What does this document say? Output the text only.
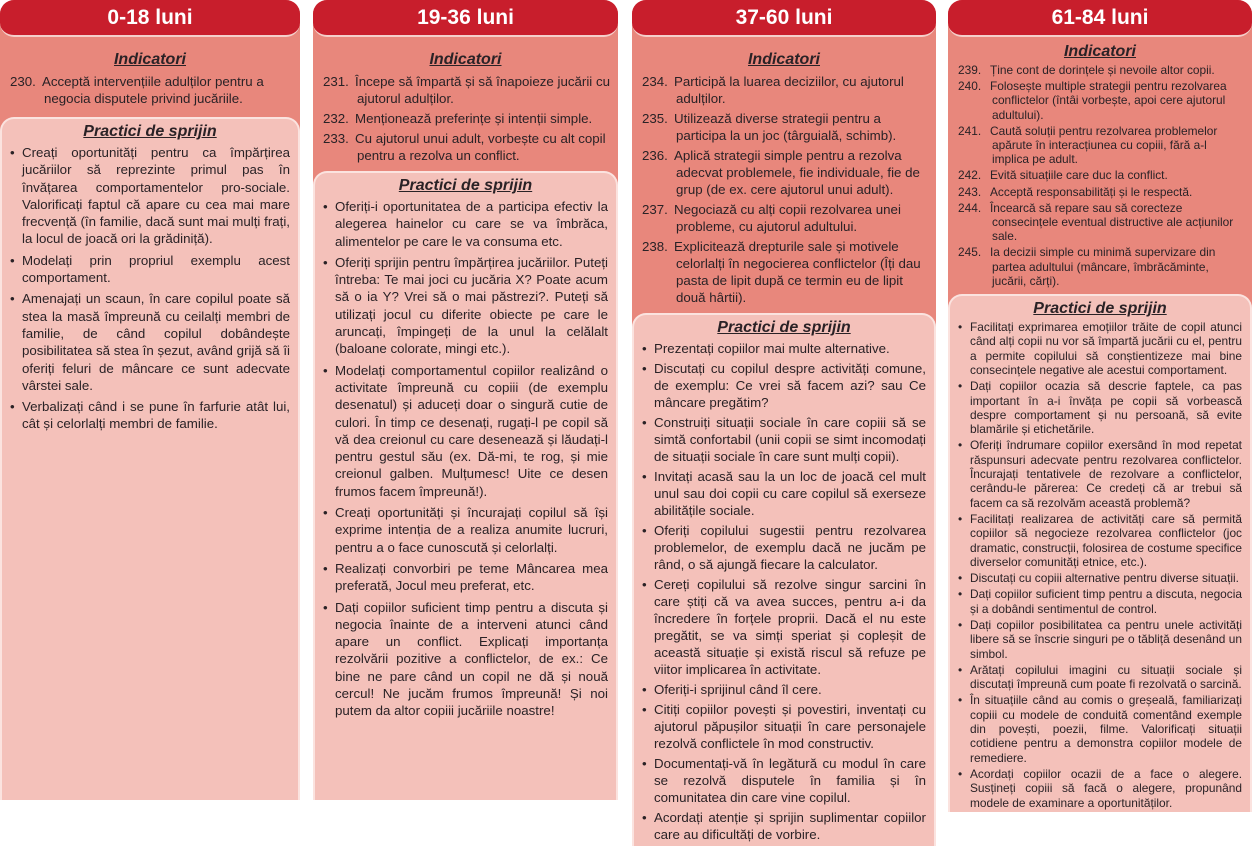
0-18 luni
Indicatori
230. Acceptă intervențiile adulților pentru a negocia disputele privind jucăriile.
Practici de sprijin
• Creați oportunități pentru ca împărțirea jucăriilor să reprezinte primul pas în învățarea comportamentelor pro-sociale. Valorificați faptul că apare cu cea mai mare frecvență (în familie, dacă sunt mai mulți frați, la locul de joacă ori la grădiniță).
• Modelați prin propriul exemplu acest comportament.
• Amenajați un scaun, în care copilul poate să stea la masă împreună cu ceilalți membri de familie, de când copilul dobândește posibilitatea să stea în șezut, având grijă să îi oferiți feluri de mâncare ce sunt adecvate vârstei sale.
• Verbalizați când i se pune în farfurie atât lui, cât și celorlalți membri de familie.
19-36 luni
Indicatori
231. Începe să împartă și să înapoieze jucării cu ajutorul adulților.
232. Menționează preferințe și intenții simple.
233. Cu ajutorul unui adult, vorbește cu alt copil pentru a rezolva un conflict.
Practici de sprijin
• Oferiți-i oportunitatea de a participa efectiv la alegerea hainelor cu care se va îmbrăca, alimentelor pe care le va consuma etc.
• Oferiți sprijin pentru împărțirea jucăriilor. Puteți întreba: Te mai joci cu jucăria X? Poate acum să o ia Y? Vrei să o mai păstrezi?. Puteți să utilizați jocul cu diferite obiecte pe care le aruncați, împingeți de la unul la celălalt (baloane colorate, mingi etc.).
• Modelați comportamentul copiilor realizând o activitate împreună cu copiii (de exemplu desenatul) și aduceți doar o singură cutie de culori. În timp ce desenați, rugați-l pe copil să vă dea creionul cu care desenează și lăudați-l pentru gestul său (ex. Dă-mi, te rog, și mie creionul galben. Mulțumesc! Uite ce desen frumos facem împreună!).
• Creați oportunități și încurajați copilul să își exprime intenția de a realiza anumite lucruri, pentru a o face cunoscută și celorlalți.
• Realizați convorbiri pe teme Mâncarea mea preferată, Jocul meu preferat, etc.
• Dați copiilor suficient timp pentru a discuta și negocia înainte de a interveni atunci când apare un conflict. Explicați importanța rezolvării pozitive a conflictelor, de ex.: Ce bine ne pare când un copil ne dă și nouă cercul! Ne jucăm frumos împreună! Și noi putem da altor copiii jucăriile noastre!
37-60 luni
Indicatori
234. Participă la luarea deciziilor, cu ajutorul adulților.
235. Utilizează diverse strategii pentru a participa la un joc (târguială, schimb).
236. Aplică strategii simple pentru a rezolva adecvat problemele, fie individuale, fie de grup (de ex. cere ajutorul unui adult).
237. Negociază cu alți copii rezolvarea unei probleme, cu ajutorul adultului.
238. Explicitează drepturile sale și motivele celorlalți în negocierea conflictelor (Îți dau pasta de lipit după ce termin eu de lipit două hârtii).
Practici de sprijin
• Prezentați copiilor mai multe alternative.
• Discutați cu copilul despre activități comune, de exemplu: Ce vrei să facem azi? sau Ce mâncare pregătim?
• Construiți situații sociale în care copiii să se simtă confortabil (unii copii se simt incomodați de situații sociale în care sunt mulți copii).
• Invitați acasă sau la un loc de joacă cel mult unul sau doi copii cu care copilul să exerseze abilitățile sociale.
• Oferiți copilului sugestii pentru rezolvarea problemelor, de exemplu dacă ne jucăm pe rând, o să ajungă fiecare la calculator.
• Cereți copilului să rezolve singur sarcini în care știți că va avea succes, pentru a-i da încredere în forțele proprii. Dacă el nu este pregătit, se va simți speriat și copleșit de această situație și există riscul să refuze pe viitor implicarea în activitate.
• Oferiți-i sprijinul când îl cere.
• Citiți copiilor povești și povestiri, inventați cu ajutorul păpușilor situații în care personajele rezolvă conflictele în mod constructiv.
• Documentați-vă în legătură cu modul în care se rezolvă disputele în familia și în comunitatea din care vine copilul.
• Acordați atenție și sprijin suplimentar copiilor care au dificultăți de vorbire.
61-84 luni
Indicatori
239. Ține cont de dorințele și nevoile altor copii.
240. Folosește multiple strategii pentru rezolvarea conflictelor (întâi vorbește, apoi cere ajutorul adultului).
241. Caută soluții pentru rezolvarea problemelor apărute în interacțiunea cu copiii, fără a-l implica pe adult.
242. Evită situațiile care duc la conflict.
243. Acceptă responsabilități și le respectă.
244. Încearcă să repare sau să corecteze consecințele eventual distructive ale acțiunilor sale.
245. Ia decizii simple cu minimă supervizare din partea adultului (mâncare, îmbrăcăminte, jucării, cărți).
Practici de sprijin
• Facilitați exprimarea emoțiilor trăite de copil atunci când alți copii nu vor să împartă jucării cu el, pentru a permite copilului să conștientizeze mai bine consecințele negative ale acestui comportament.
• Dați copiilor ocazia să descrie faptele, ca pas important în a-i învăța pe copii să vorbească despre comportament și nu persoană, să evite blamările și etichetările.
• Oferiți îndrumare copiilor exersând în mod repetat răspunsuri adecvate pentru rezolvarea conflictelor. Încurajați tentativele de rezolvare a conflictelor, cerându-le părerea: Ce credeți că ar trebui să facem ca să rezolvăm această problemă?
• Facilitați realizarea de activități care să permită copiilor să negocieze rezolvarea conflictelor (joc dramatic, construcții, folosirea de costume specifice diverselor comunități etnice, etc.).
• Discutați cu copiii alternative pentru diverse situații.
• Dați copiilor suficient timp pentru a discuta, negocia și a dobândi sentimentul de control.
• Dați copiilor posibilitatea ca pentru unele activități libere să se înscrie singuri pe o tăbliță desenând un simbol.
• Arătați copilului imagini cu situații sociale și discutați împreună cum poate fi rezolvată o sarcină.
• În situațiile când au comis o greșeală, familiarizați copiii cu modele de conduită comentând exemple din povești, poezii, filme. Valorificați situații cotidiene pentru a demonstra copiilor modele de remediere.
• Acordați copiilor ocazii de a face o alegere. Susțineți copiii să facă o alegere, propunând modele de examinare a oportunităților.
